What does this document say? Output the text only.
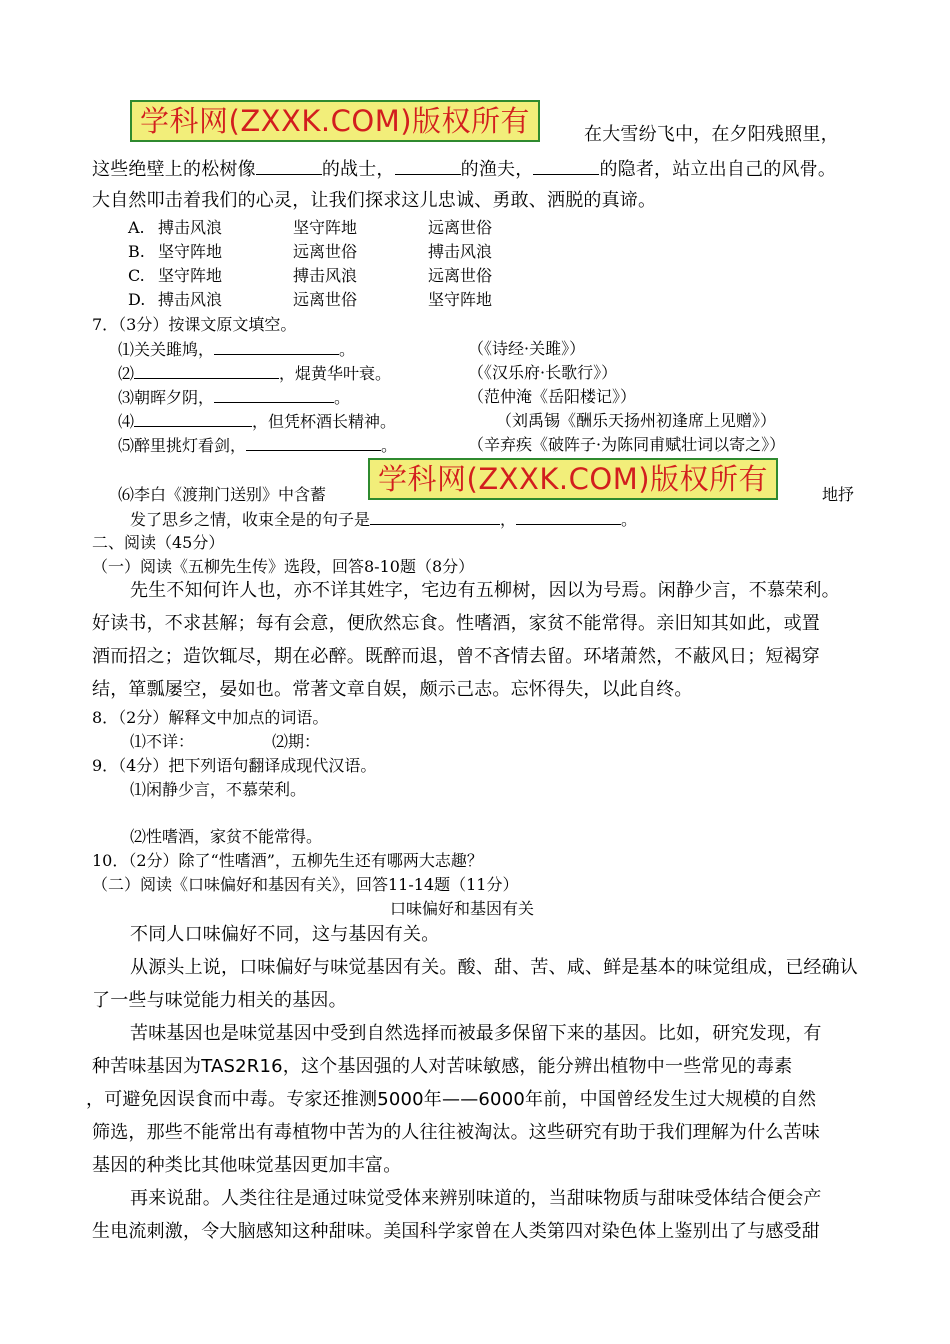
学科网(ZXXK.COM)版权所有	在大雪纷飞中，在夕阳残照里，
这些绝壁上的松树像	的战士，	的渔夫，	的隐者，站立出自己的风骨。
大自然叩击着我们的心灵，让我们探求这儿忠诚、勇敢、洒脱的真谛。
A. 搏击风浪	坚守阵地	远离世俗
B. 坚守阵地	远离世俗	搏击风浪
C. 坚守阵地	搏击风浪	远离世俗
D. 搏击风浪	远离世俗	坚守阵地
7．（3分）按课文原文填空。
⑴关关雎鸠，	。	（《诗经·关雎》）
⑵	，焜黄华叶衰。	（《汉乐府·长歌行》）
⑶朝晖夕阴，	。	（范仲淹《岳阳楼记》）
⑷	，但凭杯酒长精神。	（刘禹锡《酬乐天扬州初逢席上见赠》）
⑸醉里挑灯看剑，	。	（辛弃疾《破阵子·为陈同甫赋壮词以寄之》）
⑹李白《渡荆门送别》中含蓄	学科网(ZXXK.COM)版权所有	地抒
发了思乡之情，收束全是的句子是	，	。
二、阅读（45分）
（一）阅读《五柳先生传》选段，回答8-10题（8分）
先生不知何许人也，亦不详其姓字，宅边有五柳树，因以为号焉。闲静少言，不慕荣利。
好读书，不求甚解；每有会意，便欣然忘食。性嗜酒，家贫不能常得。亲旧知其如此，或置
酒而招之；造饮辄尽，期在必醉。既醉而退，曾不吝情去留。环堵萧然，不蔽风日；短褐穿
结，箪瓢屡空，晏如也。常著文章自娱，颇示己志。忘怀得失，以此自终。
8．（2分）解释文中加点的词语。
⑴不详：	⑵期：
9．（4分）把下列语句翻译成现代汉语。
⑴闲静少言，不慕荣利。
⑵性嗜酒，家贫不能常得。
10．（2分）除了“性嗜酒”，五柳先生还有哪两大志趣？
（二）阅读《口味偏好和基因有关》，回答11-14题（11分）
口味偏好和基因有关
不同人口味偏好不同，这与基因有关。
从源头上说，口味偏好与味觉基因有关。酸、甜、苦、咸、鲜是基本的味觉组成，已经确认
了一些与味觉能力相关的基因。
苦味基因也是味觉基因中受到自然选择而被最多保留下来的基因。比如，研究发现，有
种苦味基因为TAS2R16，这个基因强的人对苦味敏感，能分辨出植物中一些常见的毒素
，可避免因误食而中毒。专家还推测5000年——6000年前，中国曾经发生过大规模的自然
筛选，那些不能常出有毒植物中苦为的人往往被淘汰。这些研究有助于我们理解为什么苦味
基因的种类比其他味觉基因更加丰富。
再来说甜。人类往往是通过味觉受体来辨别味道的，当甜味物质与甜味受体结合便会产
生电流刺激，令大脑感知这种甜味。美国科学家曾在人类第四对染色体上鉴别出了与感受甜
